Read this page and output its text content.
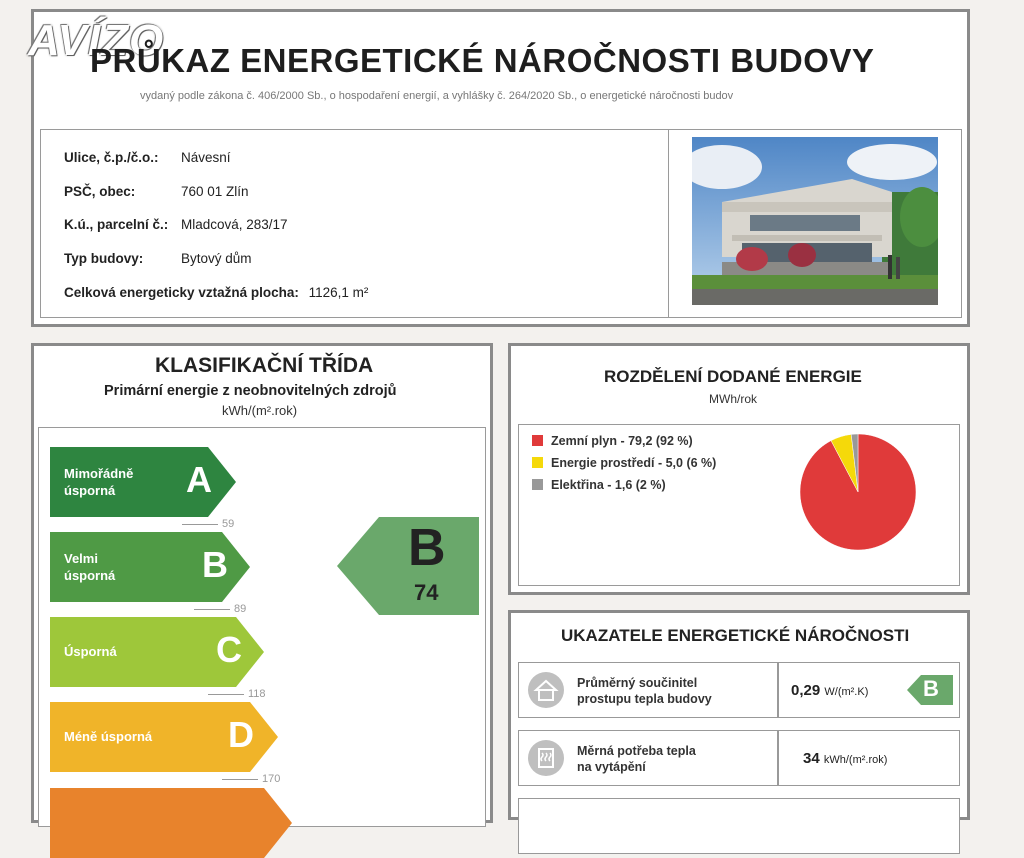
AVÍZO
PRŮKAZ ENERGETICKÉ NÁROČNOSTI BUDOVY
vydaný podle zákona č. 406/2000 Sb., o hospodaření energií, a vyhlášky č. 264/2020 Sb., o energetické náročnosti budov
Ulice, č.p./č.o.: Návesní
PSČ, obec:	760 01 Zlín
K.ú., parcelní č.: Mladcová, 283/17
Typ budovy:	Bytový dům
Celková energeticky vztažná plocha: 1126,1 m²
KLASIFIKAČNÍ TŘÍDA
Primární energie z neobnovitelných zdrojů
kWh/(m².rok)
Mimořádně
úsporná	A
59
Velmi
úsporná B
89
Úsporná	C
118
Méně úsporná D
170
B
74
ROZDĚLENÍ DODANÉ ENERGIE
MWh/rok
Zemní plyn - 79,2 (92 %)
Energie prostředí - 5,0 (6 %)
Elektřina - 1,6 (2 %)
UKAZATELE ENERGETICKÉ NÁROČNOSTI
Průměrný součinitel
prostupu tepla budovy	0,29 W/(m².K) B
Měrná potřeba tepla
na vytápění	34 kWh/(m².rok)
